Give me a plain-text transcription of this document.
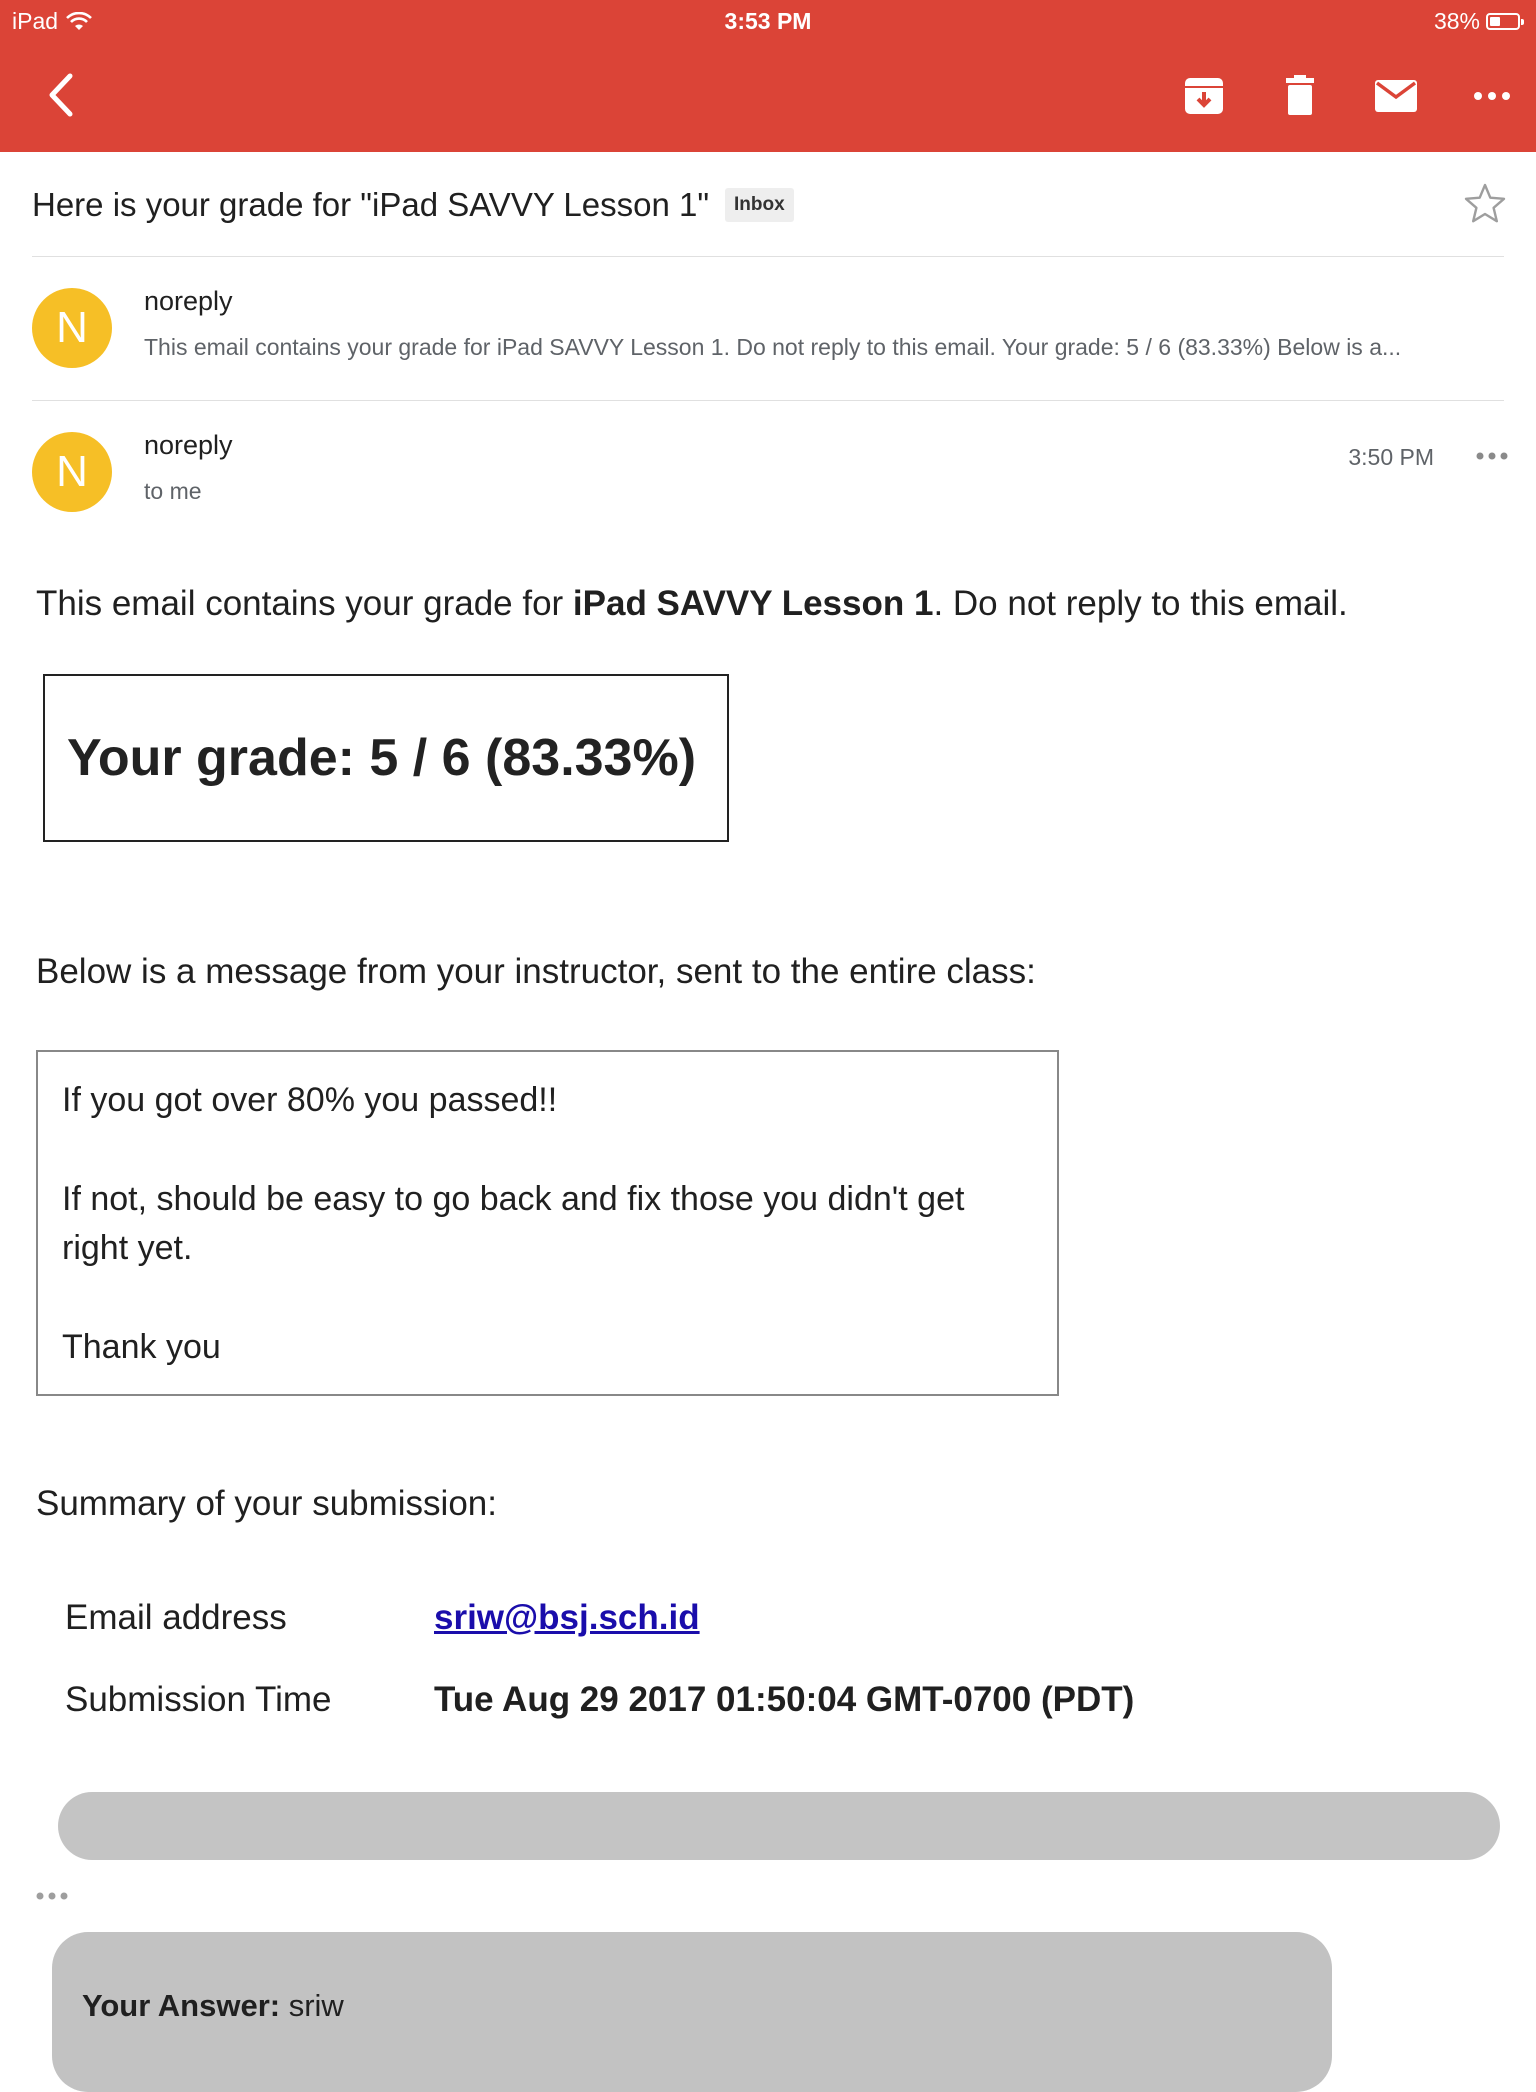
iPad	3:53 PM	38%
Here is your grade for "iPad SAVVY Lesson 1"	Inbox
N
noreply
This email contains your grade for iPad SAVVY Lesson 1. Do not reply to this email. Your grade: 5 / 6 (83.33%) Below is a...
N
noreply
to me
3:50 PM
This email contains your grade for iPad SAVVY Lesson 1. Do not reply to this email.
Your grade: 5 / 6 (83.33%)
Below is a message from your instructor, sent to the entire class:

If you got over 80% you passed!!

If not, should be easy to go back and fix those you didn't get right yet.

Thank you

Summary of your submission:
Email address	sriw@bsj.sch.id
Submission Time	Tue Aug 29 2017 01:50:04 GMT-0700 (PDT)
Your Answer: sriw
